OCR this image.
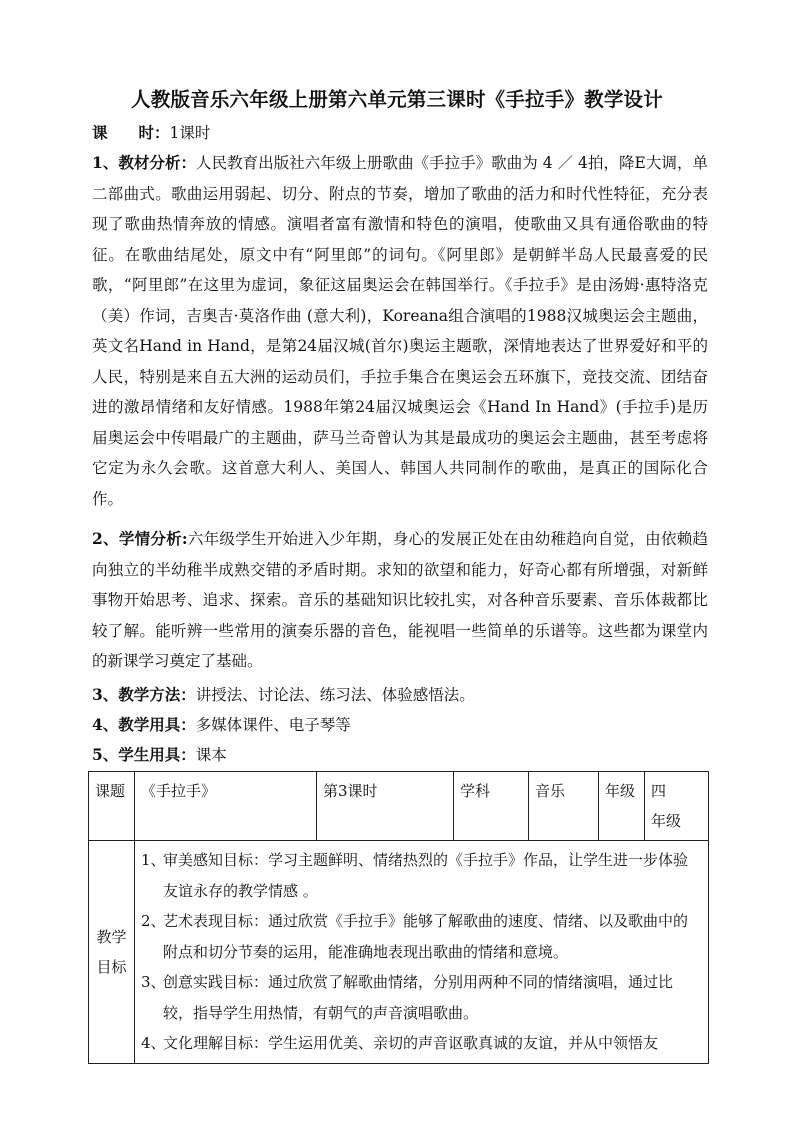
人教版音乐六年级上册第六单元第三课时《手拉手》教学设计
课　　时：1课时
1、教材分析：人民教育出版社六年级上册歌曲《手拉手》歌曲为 4 ／ 4拍，降E大调，单二部曲式。歌曲运用弱起、切分、附点的节奏，增加了歌曲的活力和时代性特征，充分表现了歌曲热情奔放的情感。演唱者富有激情和特色的演唱，使歌曲又具有通俗歌曲的特征。在歌曲结尾处，原文中有“阿里郎”的词句。《阿里郎》是朝鲜半岛人民最喜爱的民歌，“阿里郎”在这里为虚词，象征这届奥运会在韩国举行。《手拉手》是由汤姆·惠特洛克（美）作词，吉奥吉·莫洛作曲 (意大利)，Koreana组合演唱的1988汉城奥运会主题曲，英文名Hand in Hand，是第24届汉城(首尔)奥运主题歌，深情地表达了世界爱好和平的人民，特别是来自五大洲的运动员们，手拉手集合在奥运会五环旗下，竞技交流、团结奋进的激昂情绪和友好情感。1988年第24届汉城奥运会《Hand In Hand》(手拉手)是历届奥运会中传唱最广的主题曲，萨马兰奇曾认为其是最成功的奥运会主题曲，甚至考虑将它定为永久会歌。这首意大利人、美国人、韩国人共同制作的歌曲，是真正的国际化合作。
2、学情分析:六年级学生开始进入少年期，身心的发展正处在由幼稚趋向自觉，由依赖趋向独立的半幼稚半成熟交错的矛盾时期。求知的欲望和能力，好奇心都有所增强，对新鲜事物开始思考、追求、探索。音乐的基础知识比较扎实，对各种音乐要素、音乐体裁都比较了解。能听辨一些常用的演奏乐器的音色，能视唱一些简单的乐谱等。这些都为课堂内的新课学习奠定了基础。
3、教学方法：讲授法、讨论法、练习法、体验感悟法。
4、教学用具：多媒体课件、电子琴等
5、学生用具：课本
课题	《手拉手》	第3课时	学科	音乐	年级	四　　年级
教学目标	1、审美感知目标：学习主题鲜明、情绪热烈的《手拉手》作品，让学生进一步体验友谊永存的教学情感 。

2、艺术表现目标：通过欣赏《手拉手》能够了解歌曲的速度、情绪、以及歌曲中的附点和切分节奏的运用，能准确地表现出歌曲的情绪和意境。

3、创意实践目标：通过欣赏了解歌曲情绪，分别用两种不同的情绪演唱，通过比较，指导学生用热情，有朝气的声音演唱歌曲。

4、文化理解目标：学生运用优美、亲切的声音讴歌真诚的友谊，并从中领悟友					
